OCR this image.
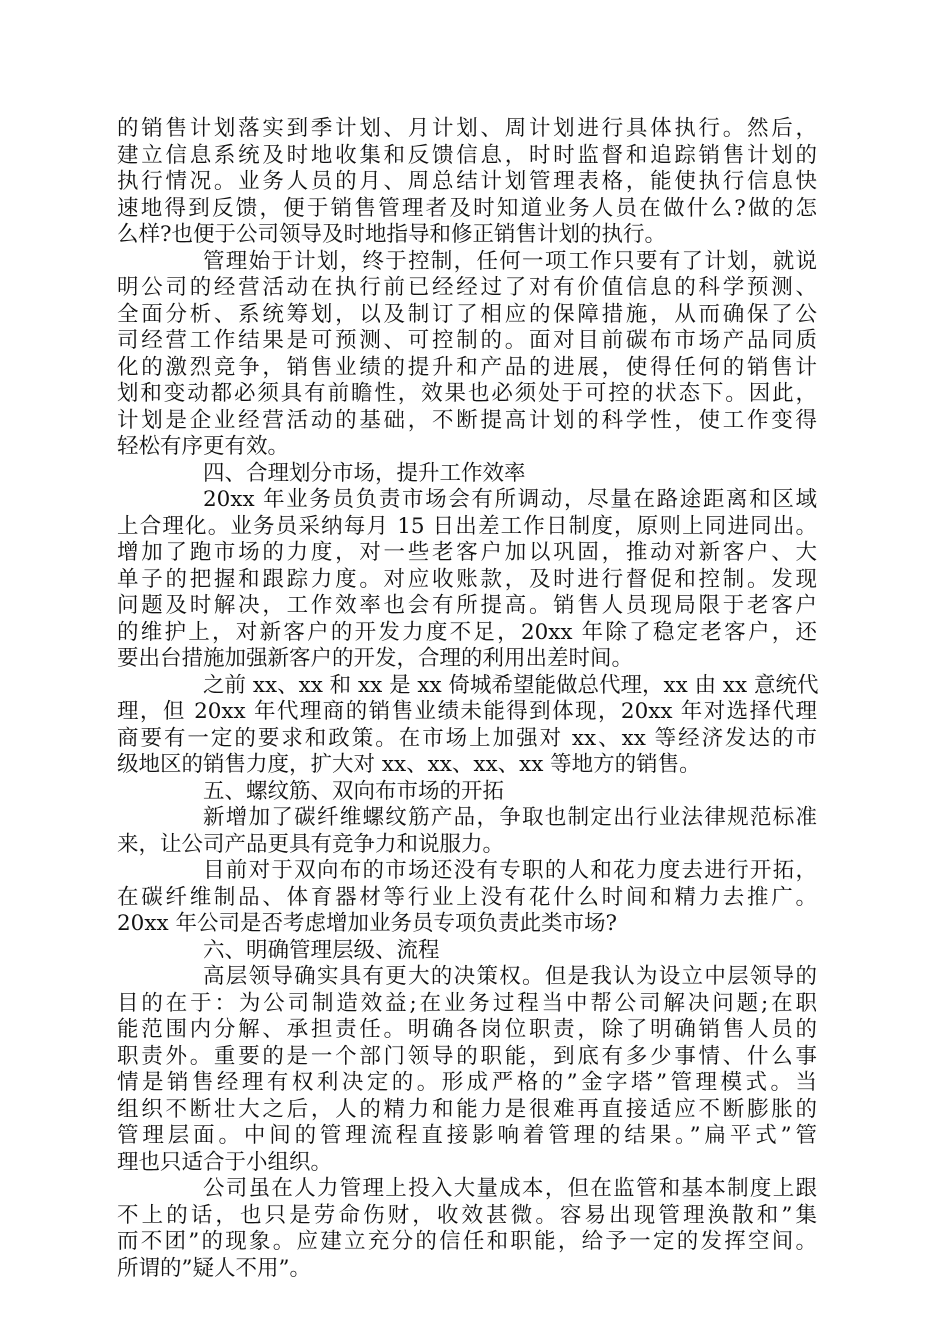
的销售计划落实到季计划、月计划、周计划进行具体执行。然后，
建立信息系统及时地收集和反馈信息，时时监督和追踪销售计划的
执行情况。业务人员的月、周总结计划管理表格，能使执行信息快
速地得到反馈，便于销售管理者及时知道业务人员在做什么?做的怎
么样?也便于公司领导及时地指导和修正销售计划的执行。
管理始于计划，终于控制，任何一项工作只要有了计划，就说
明公司的经营活动在执行前已经经过了对有价值信息的科学预测、
全面分析、系统筹划，以及制订了相应的保障措施，从而确保了公
司经营工作结果是可预测、可控制的。面对目前碳布市场产品同质
化的激烈竞争，销售业绩的提升和产品的进展，使得任何的销售计
划和变动都必须具有前瞻性，效果也必须处于可控的状态下。因此，
计划是企业经营活动的基础，不断提高计划的科学性，使工作变得
轻松有序更有效。
四、合理划分市场，提升工作效率
20xx 年业务员负责市场会有所调动，尽量在路途距离和区域
上合理化。业务员采纳每月 15 日出差工作日制度，原则上同进同出。
增加了跑市场的力度，对一些老客户加以巩固，推动对新客户、大
单子的把握和跟踪力度。对应收账款，及时进行督促和控制。发现
问题及时解决，工作效率也会有所提高。销售人员现局限于老客户
的维护上，对新客户的开发力度不足，20xx 年除了稳定老客户，还
要出台措施加强新客户的开发，合理的利用出差时间。
之前 xx、xx 和 xx 是 xx 倚城希望能做总代理，xx 由 xx 意统代
理，但 20xx 年代理商的销售业绩未能得到体现，20xx 年对选择代理
商要有一定的要求和政策。在市场上加强对 xx、xx 等经济发达的市
级地区的销售力度，扩大对 xx、xx、xx、xx 等地方的销售。
五、螺纹筋、双向布市场的开拓
新增加了碳纤维螺纹筋产品，争取也制定出行业法律规范标准
来，让公司产品更具有竞争力和说服力。
目前对于双向布的市场还没有专职的人和花力度去进行开拓，
在碳纤维制品、体育器材等行业上没有花什么时间和精力去推广。
20xx 年公司是否考虑增加业务员专项负责此类市场?
六、明确管理层级、流程
高层领导确实具有更大的决策权。但是我认为设立中层领导的
目的在于：为公司制造效益;在业务过程当中帮公司解决问题;在职
能范围内分解、承担责任。明确各岗位职责，除了明确销售人员的
职责外。重要的是一个部门领导的职能，到底有多少事情、什么事
情是销售经理有权利决定的。形成严格的”金字塔”管理模式。当
组织不断壮大之后，人的精力和能力是很难再直接适应不断膨胀的
管理层面。中间的管理流程直接影响着管理的结果。”扁平式”管
理也只适合于小组织。
公司虽在人力管理上投入大量成本，但在监管和基本制度上跟
不上的话，也只是劳命伤财，收效甚微。容易出现管理涣散和”集
而不团”的现象。应建立充分的信任和职能，给予一定的发挥空间。
所谓的”疑人不用”。
